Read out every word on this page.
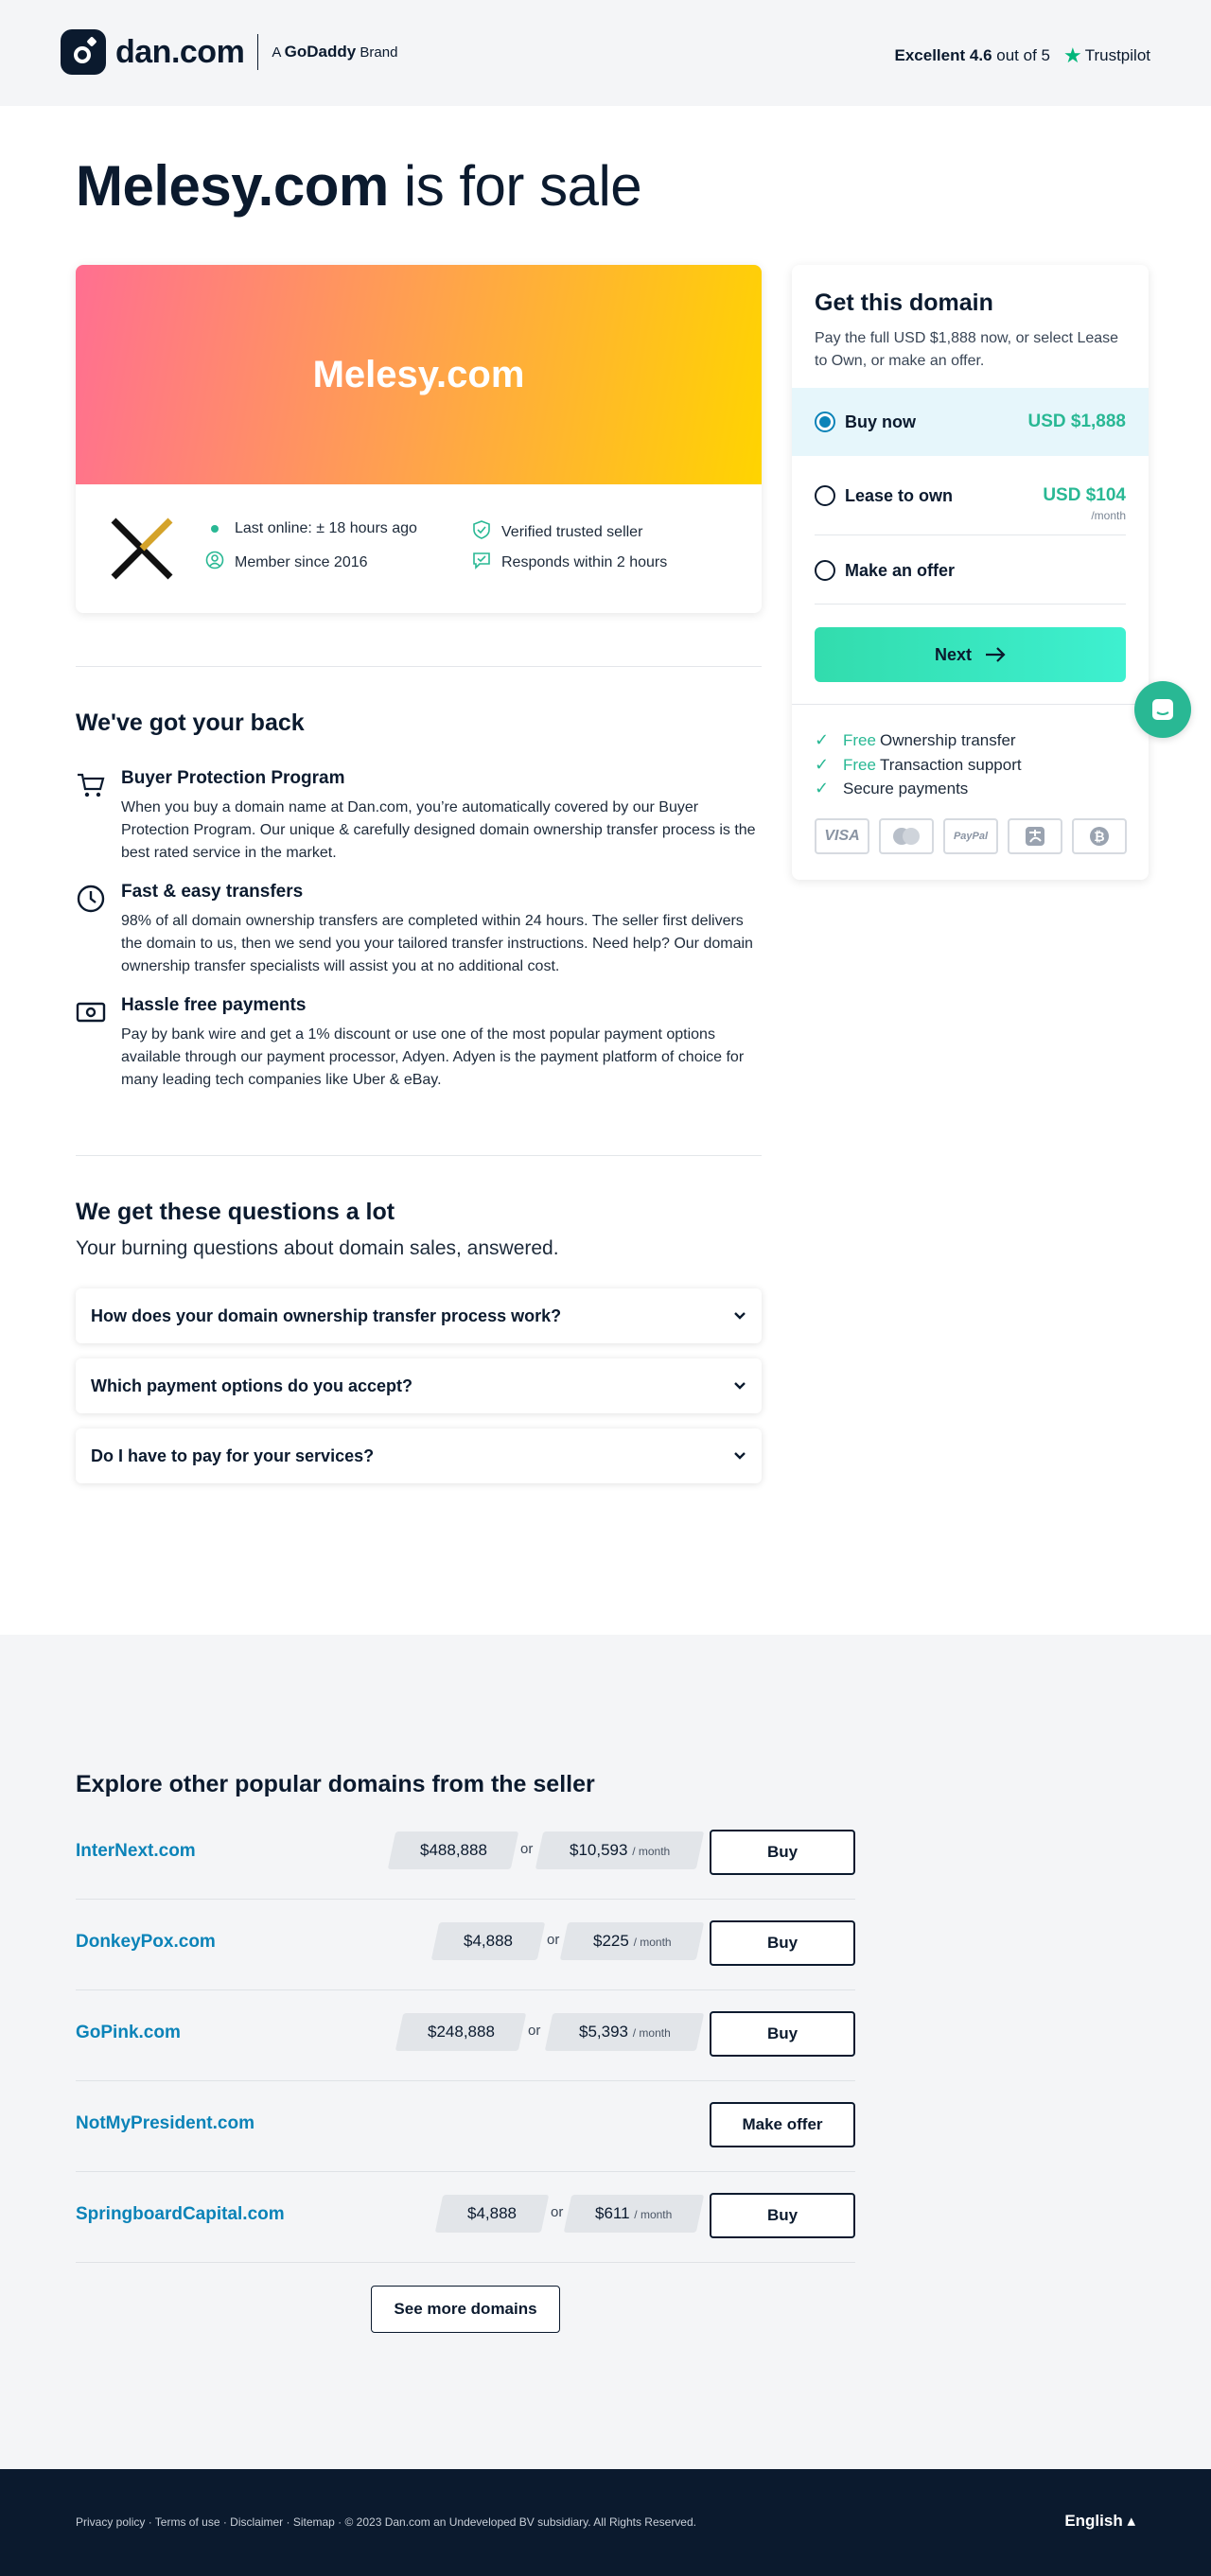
dan.com A GoDaddy Brand	Excellent
4.6
out of 5 ★ Trustpilot
Melesy.com is for sale
Melesy.com
Last online: ± 18 hours ago
Member since 2016
Verified trusted seller
Responds within 2 hours
We've got your back
Buyer Protection Program

When you buy a domain name at Dan.com, you’re automatically covered by our Buyer Protection Program. Our unique & carefully designed domain ownership transfer process is the best rated service in the market.

Fast & easy transfers

98% of all domain ownership transfers are completed within 24 hours. The seller first delivers the domain to us, then we send you your tailored transfer instructions. Need help? Our domain ownership transfer specialists will assist you at no additional cost.

Hassle free payments

Pay by bank wire and get a 1% discount or use one of the most popular payment options available through our payment processor, Adyen. Adyen is the payment platform of choice for many leading tech companies like Uber & eBay.

We get these questions a lot
Your burning questions about domain sales, answered.
How does your domain ownership transfer process work?
Which payment options do you accept?
Do I have to pay for your services?
Get this domain
Pay the full USD $1,888 now, or select Lease to Own, or make an offer.
Buy now	USD $1,888
Lease to own	USD $104
/month
Make an offer
Next
✓ Free Ownership transfer
✓ Free Transaction support
✓ Secure payments
VISA	PayPal	₿
Explore other popular domains from the seller
InterNext.com	$488,888 or $10,593 / month	Buy
DonkeyPox.com	$4,888 or $225 / month	Buy
GoPink.com	$248,888 or $5,393 / month	Buy
NotMyPresident.com	Make offer
SpringboardCapital.com	$4,888 or $611 / month	Buy
See more domains
Privacy policy · Terms of use · Disclaimer · Sitemap · © 2023 Dan.com an Undeveloped BV subsidiary. All Rights Reserved.	English ▴
